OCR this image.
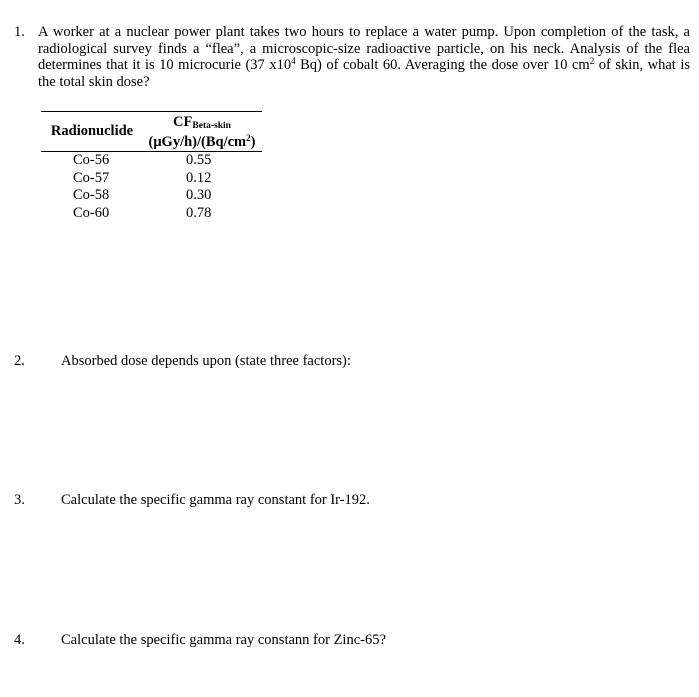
1. A worker at a nuclear power plant takes two hours to replace a water pump. Upon completion of the task, a radiological survey finds a “flea”, a microscopic-size radioactive particle, on his neck. Analysis of the flea determines that it is 10 microcurie (37 $x10^4$ Bq) of cobalt 60. Averaging the dose over 10 $cm^2$ of skin, what is the total skin dose?
Radionuclide	CFBeta-skin
$(\mu Gy/h)/(Bq/cm^2)$
Co-56	0.55
Co-57	0.12
Co-58	0.30
Co-60	0.78
2. Absorbed dose depends upon (state three factors):
3. Calculate the specific gamma ray constant for Ir-192.
4. Calculate the specific gamma ray constann for Zinc-65?
